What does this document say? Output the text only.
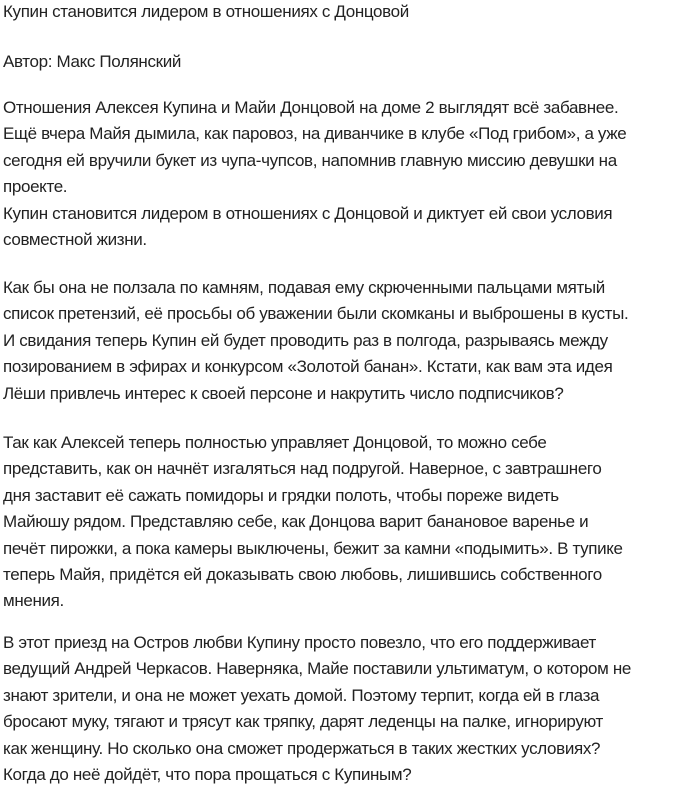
Купин становится лидером в отношениях с Донцовой
Автор: Макс Полянский
Отношения Алексея Купина и Майи Донцовой на доме 2 выглядят всё забавнее.
Ещё вчера Майя дымила, как паровоз, на диванчике в клубе «Под грибом», а уже
сегодня ей вручили букет из чупа-чупсов, напомнив главную миссию девушки на
проекте.
Купин становится лидером в отношениях с Донцовой и диктует ей свои условия
совместной жизни.
Как бы она не ползала по камням, подавая ему скрюченными пальцами мятый
список претензий, её просьбы об уважении были скомканы и выброшены в кусты.
И свидания теперь Купин ей будет проводить раз в полгода, разрываясь между
позированием в эфирах и конкурсом «Золотой банан». Кстати, как вам эта идея
Лёши привлечь интерес к своей персоне и накрутить число подписчиков?
Так как Алексей теперь полностью управляет Донцовой, то можно себе
представить, как он начнёт изгаляться над подругой. Наверное, с завтрашнего
дня заставит её сажать помидоры и грядки полоть, чтобы пореже видеть
Майюшу рядом. Представляю себе, как Донцова варит банановое варенье и
печёт пирожки, а пока камеры выключены, бежит за камни «подымить». В тупике
теперь Майя, придётся ей доказывать свою любовь, лишившись собственного
мнения.
В этот приезд на Остров любви Купину просто повезло, что его поддерживает
ведущий Андрей Черкасов. Наверняка, Майе поставили ультиматум, о котором не
знают зрители, и она не может уехать домой. Поэтому терпит, когда ей в глаза
бросают муку, тягают и трясут как тряпку, дарят леденцы на палке, игнорируют
как женщину. Но сколько она сможет продержаться в таких жестких условиях?
Когда до неё дойдёт, что пора прощаться с Купиным?
